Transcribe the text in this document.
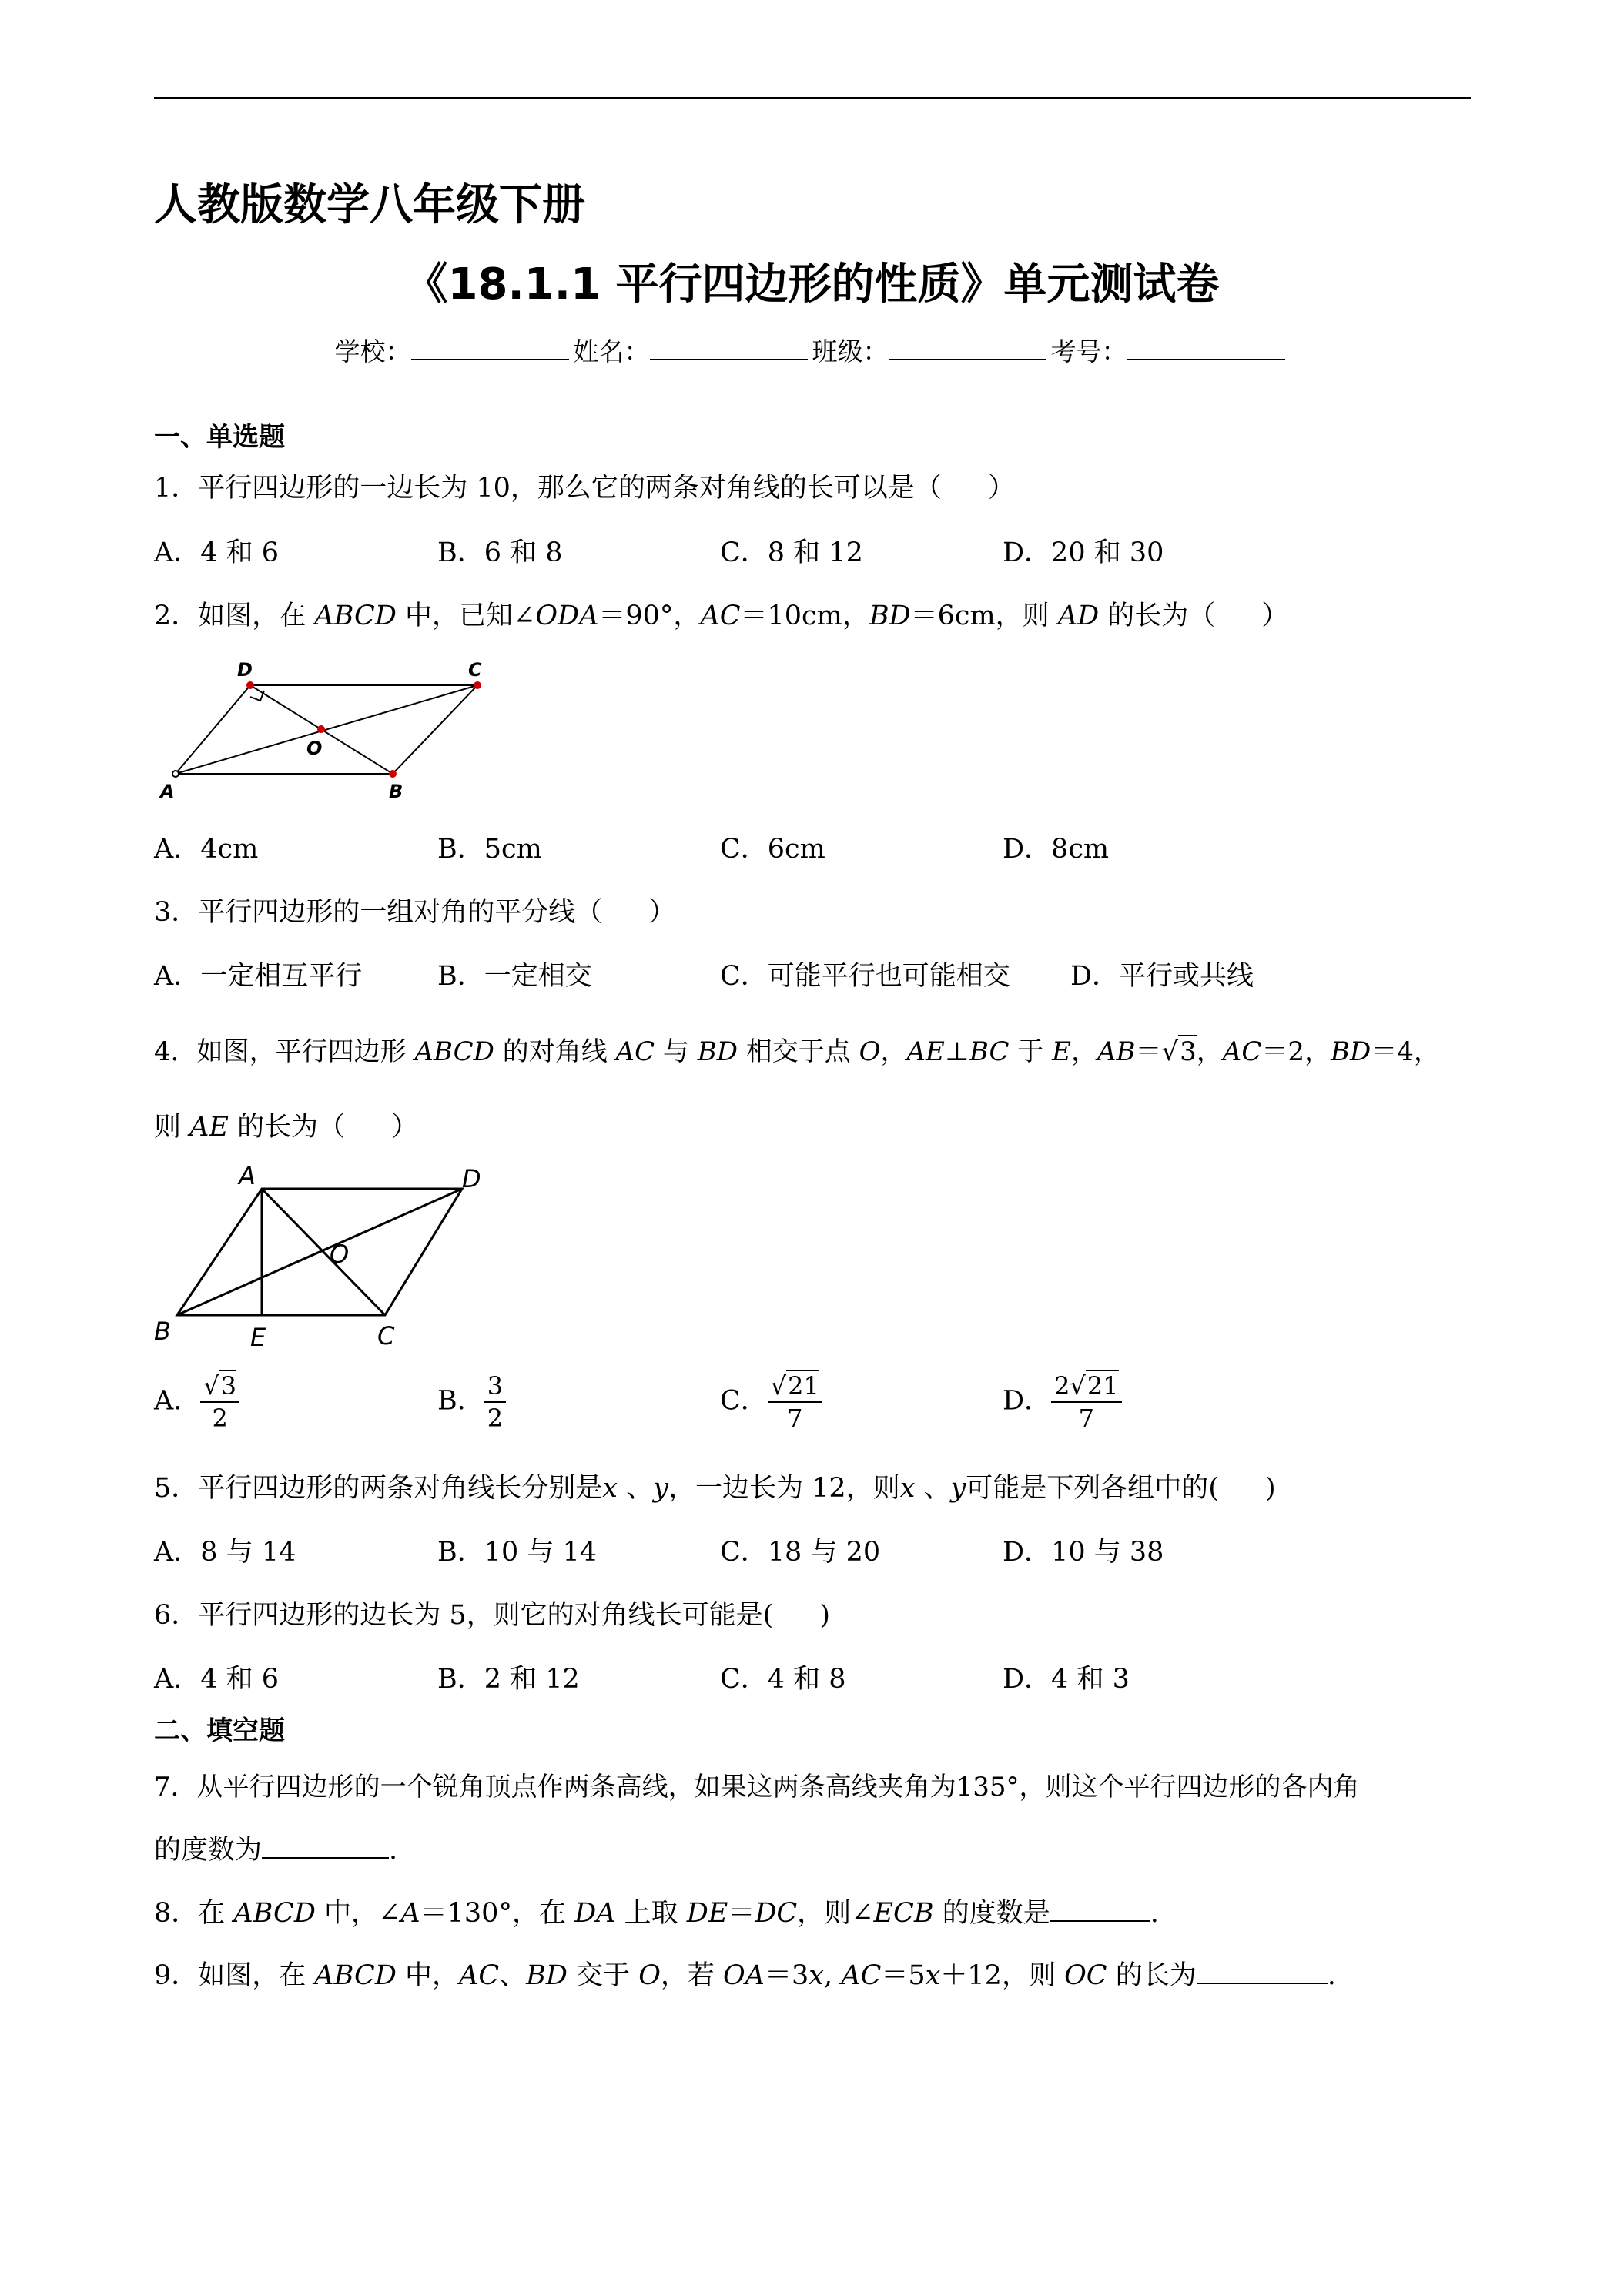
人教版数学八年级下册
《18.1.1 平行四边形的性质》单元测试卷
学校：	姓名：	班级：	考号：
一、单选题
1．平行四边形的一边长为 10，那么它的两条对角线的长可以是（ ）
A．4 和 6	B．6 和 8	C．8 和 12	D．20 和 30
2．如图，在 ABCD 中，已知∠ODA＝90°，AC＝10cm，BD＝6cm，则 AD 的长为（ ）
A	B
C
D
O
A．4cm	B．5cm	C．6cm	D．8cm
3．平行四边形的一组对角的平分线（ ）
A．一定相互平行	B．一定相交	C．可能平行也可能相交 D．平行或共线
4．如图，平行四边形 ABCD 的对角线 AC 与 BD 相交于点 O，AE⊥BC 于 E，AB＝√3，AC＝2，BD＝4，
则 AE 的长为（ ）
A
B	C
D
E
O
A． $\frac{√3}{2}$	B． $\frac{3}{2}$	C． $\frac{√21}{7}$	D． $\frac{2√21}{7}$
5．平行四边形的两条对角线长分别是x 、y，一边长为 12，则x 、y可能是下列各组中的( )
A．8 与 14	B．10 与 14	C．18 与 20	D．10 与 38
6．平行四边形的边长为 5，则它的对角线长可能是( )
A．4 和 6	B．2 和 12	C．4 和 8	D．4 和 3
二、填空题
7．从平行四边形的一个锐角顶点作两条高线，如果这两条高线夹角为135°，则这个平行四边形的各内角
的度数为	.
8．在 ABCD 中，∠A＝130°，在 DA 上取 DE＝DC，则∠ECB 的度数是	.
9．如图，在 ABCD 中，AC、BD 交于 O，若 OA＝3x, AC＝5x＋12，则 OC 的长为	.
